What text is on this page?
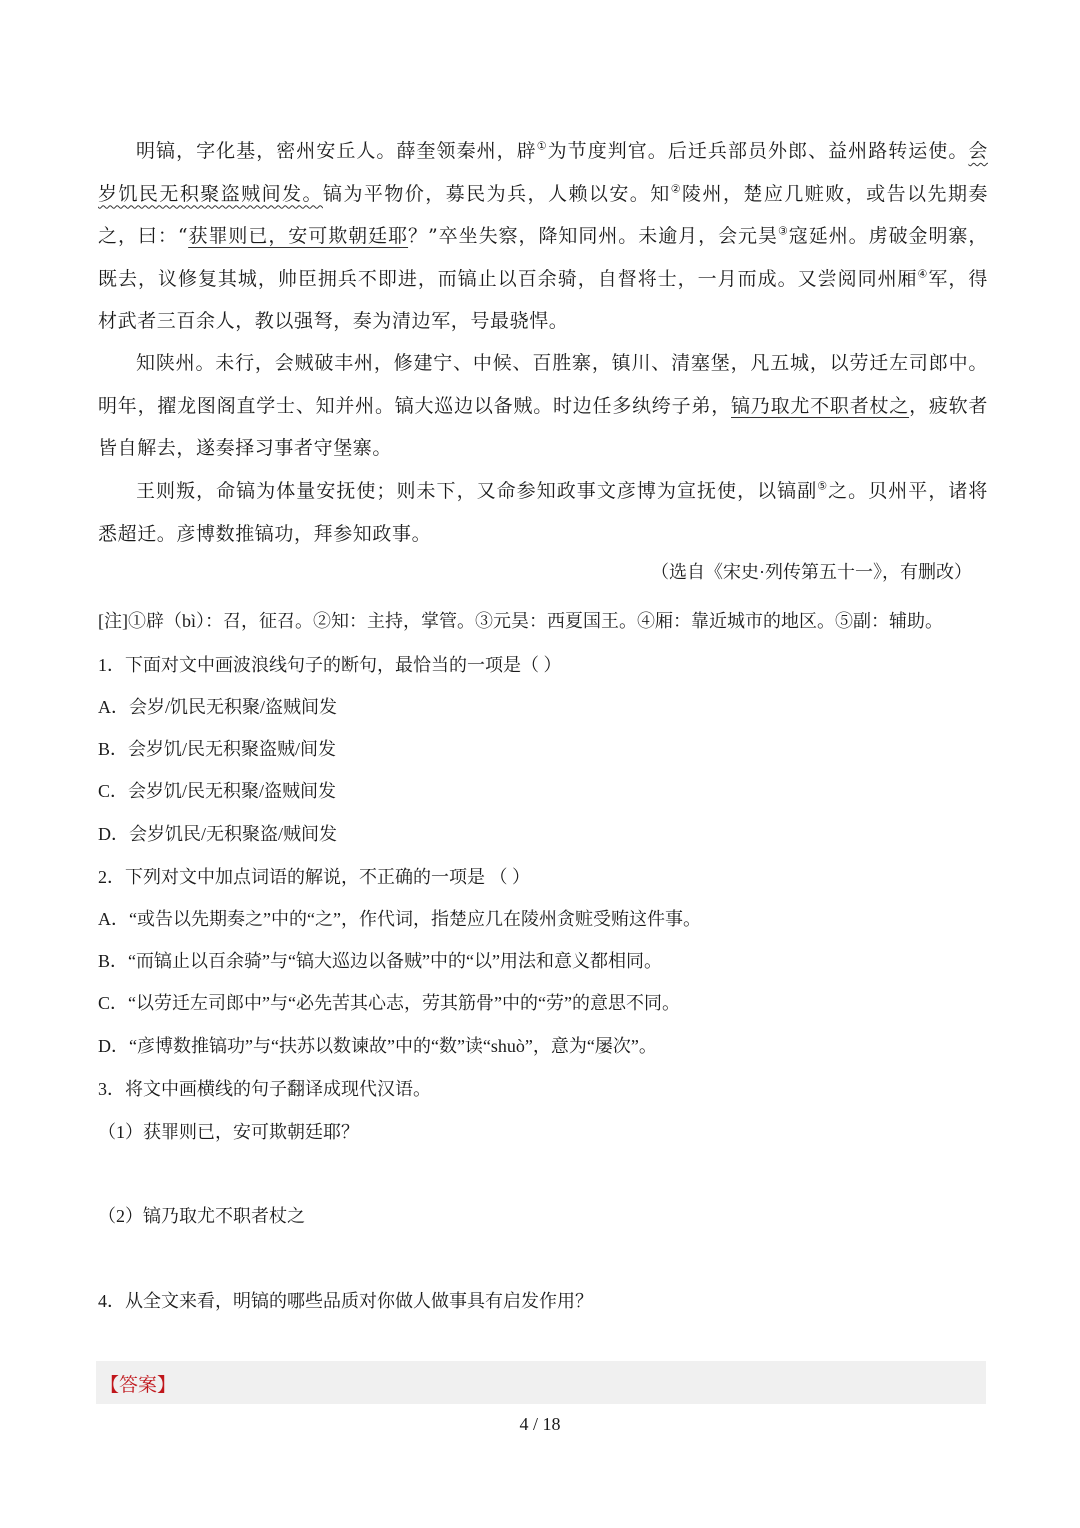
明镐，字化基，密州安丘人。薛奎领秦州，辟①为节度判官。后迁兵部员外郎、益州路转运使。会岁饥民无积聚盗贼间发。镐为平物价，募民为兵，人赖以安。知②陵州，楚应几赃败，或告以先期奏之，曰：“获罪则已，安可欺朝廷耶？”卒坐失察，降知同州。未逾月，会元昊③寇延州。虏破金明寨，既去，议修复其城，帅臣拥兵不即进，而镐止以百余骑，自督将士，一月而成。又尝阅同州厢④军，得材武者三百余人，教以强弩，奏为清边军，号最骁悍。

知陕州。未行，会贼破丰州，修建宁、中候、百胜寨，镇川、清塞堡，凡五城，以劳迁左司郎中。明年，擢龙图阁直学士、知并州。镐大巡边以备贼。时边任多纨绔子弟，镐乃取尤不职者杖之，疲软者皆自解去，遂奏择习事者守堡寨。

王则叛，命镐为体量安抚使；则未下，又命参知政事文彦博为宣抚使，以镐副⑤之。贝州平，诸将悉超迁。彦博数推镐功，拜参知政事。

（选自《宋史·列传第五十一》，有删改）
[注]①辟（bì）：召，征召。②知：主持，掌管。③元昊：西夏国王。④厢：靠近城市的地区。⑤副：辅助。
1．下面对文中画波浪线句子的断句，最恰当的一项是（ ）
A．会岁/饥民无积聚/盗贼间发
B．会岁饥/民无积聚盗贼/间发
C．会岁饥/民无积聚/盗贼间发
D．会岁饥民/无积聚盗/贼间发
2．下列对文中加点词语的解说，不正确的一项是 （ ）
A．“或告以先期奏之”中的“之”，作代词，指楚应几在陵州贪赃受贿这件事。
B．“而镐止以百余骑”与“镐大巡边以备贼”中的“以”用法和意义都相同。
C．“以劳迁左司郎中”与“必先苦其心志，劳其筋骨”中的“劳”的意思不同。
D．“彦博数推镐功”与“扶苏以数谏故”中的“数”读“shuò”，意为“屡次”。
3．将文中画横线的句子翻译成现代汉语。
（1）获罪则已，安可欺朝廷耶？
（2）镐乃取尤不职者杖之
4．从全文来看，明镐的哪些品质对你做人做事具有启发作用？
【答案】
4 / 18
